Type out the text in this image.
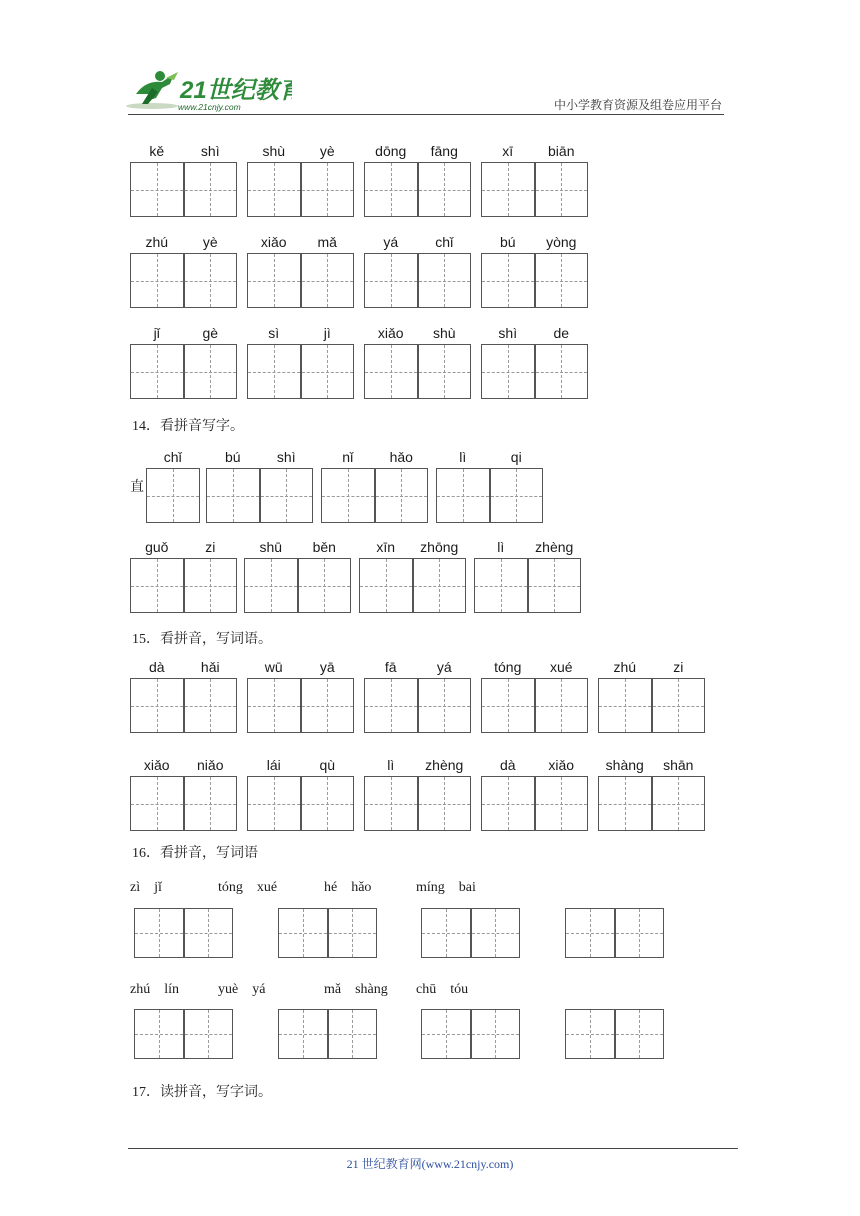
21世纪教育
www.21cnjy.com	中小学教育资源及组卷应用平台
14．看拼音写字。
直
15．看拼音，写词语。
16．看拼音，写词语
17．读拼音，写字词。
kě	shì	shù	yè	dōng	fāng	xī	biān
zhú	yè	xiǎo	mǎ	yá	chǐ	bú	yòng
jǐ	gè	sì	jì	xiǎo	shù	shì	de
chǐ	bú	shì	nǐ	hǎo	lì	qi
guǒ	zi	shū	běn	xīn	zhōng	lì	zhèng
dà	hǎi	wū	yā	fā	yá	tóng	xué	zhú	zi
xiǎo	niǎo	lái	qù	lì	zhèng	dà	xiǎo	shàng	shān
zì　jǐ	tóng　xué	hé　hǎo	míng　bai
zhú　lín	yuè　yá	mǎ　shàng chū　tóu
21 世纪教育网(www.21cnjy.com)
